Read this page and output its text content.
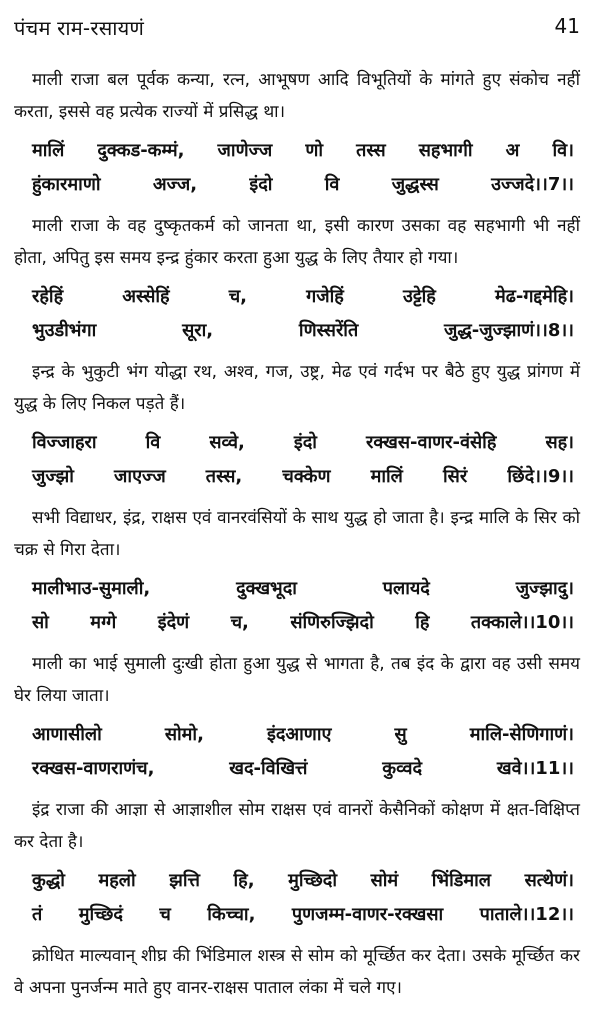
पंचम राम-रसायणं	41

माली राजा बल पूर्वक कन्या, रत्न, आभूषण आदि विभूतियों के मांगते हुए संकोच नहीं करता, इससे वह प्रत्येक राज्यों में प्रसिद्ध था।

मालिं दुक्कड-कम्मं, जाणेज्ज णो तस्स सहभागी अ वि।
हुंकारमाणो अज्ज, इंदो वि जुद्धस्स उज्जदे।।7।।

माली राजा के वह दुष्कृतकर्म को जानता था, इसी कारण उसका वह सहभागी भी नहीं होता, अपितु इस समय इन्द्र हुंकार करता हुआ युद्ध के लिए तैयार हो गया।

रहेहिं अस्सेहिं च, गजेहिं उट्टेहि मेढ-गद्दमेहि।
भुउडीभंगा सूरा, णिस्सरेंति जुद्ध-जुज्झाणं।।8।।

इन्द्र के भुकुटी भंग योद्धा रथ, अश्व, गज, उष्ट्र, मेढ एवं गर्दभ पर बैठे हुए युद्ध प्रांगण में युद्ध के लिए निकल पड़ते हैं।

विज्जाहरा वि सव्वे, इंदो रक्खस-वाणर-वंसेहि सह।
जुज्झो जाएज्ज तस्स, चक्केण मालिं सिरं छिंदे।।9।।

सभी विद्याधर, इंद्र, राक्षस एवं वानरवंसियों के साथ युद्ध हो जाता है। इन्द्र मालि के सिर को चक्र से गिरा देता।

मालीभाउ-सुमाली, दुक्खभूदा पलायदे जुज्झादु।
सो मग्गे इंदेणं च, संणिरुज्झिदो हि तक्काले।।10।।

माली का भाई सुमाली दुःखी होता हुआ युद्ध से भागता है, तब इंद के द्वारा वह उसी समय घेर लिया जाता।

आणासीलो सोमो, इंदआणाए सु मालि-सेणिगाणं।
रक्खस-वाणराणंच, खद-विखित्तं कुव्वदे खवे।।11।।

इंद्र राजा की आज्ञा से आज्ञाशील सोम राक्षस एवं वानरों केसैनिकों कोक्षण में क्षत-विक्षिप्त कर देता है।

कुद्धो महलो झत्ति हि, मुच्छिदो सोमं भिंडिमाल सत्थेणं।
तं मुच्छिदं च किच्चा, पुणजम्म-वाणर-रक्खसा पाताले।।12।।

क्रोधित माल्यवान् शीघ्र की भिंडिमाल शस्त्र से सोम को मूर्च्छित कर देता। उसके मूर्च्छित कर वे अपना पुनर्जन्म माते हुए वानर-राक्षस पाताल लंका में चले गए।
